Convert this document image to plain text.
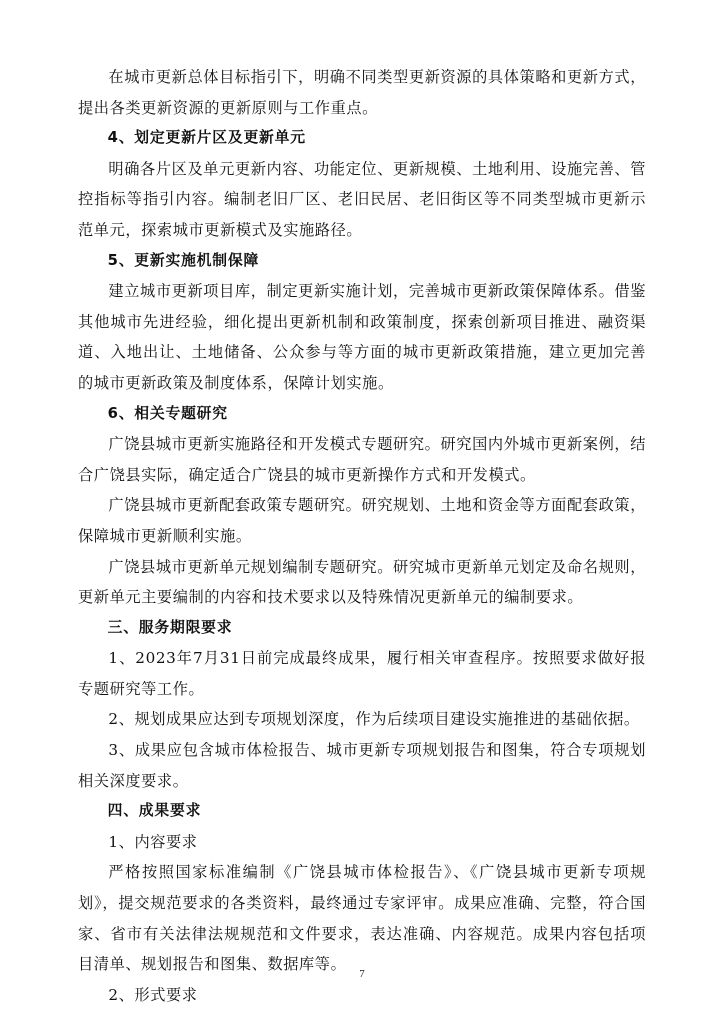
在城市更新总体目标指引下，明确不同类型更新资源的具体策略和更新方式，提出各类更新资源的更新原则与工作重点。

4、划定更新片区及更新单元

明确各片区及单元更新内容、功能定位、更新规模、土地利用、设施完善、管控指标等指引内容。编制老旧厂区、老旧民居、老旧街区等不同类型城市更新示范单元，探索城市更新模式及实施路径。

5、更新实施机制保障

建立城市更新项目库，制定更新实施计划，完善城市更新政策保障体系。借鉴其他城市先进经验，细化提出更新机制和政策制度，探索创新项目推进、融资渠道、入地出让、土地储备、公众参与等方面的城市更新政策措施，建立更加完善的城市更新政策及制度体系，保障计划实施。

6、相关专题研究

广饶县城市更新实施路径和开发模式专题研究。研究国内外城市更新案例，结合广饶县实际，确定适合广饶县的城市更新操作方式和开发模式。

广饶县城市更新配套政策专题研究。研究规划、土地和资金等方面配套政策，保障城市更新顺利实施。

广饶县城市更新单元规划编制专题研究。研究城市更新单元划定及命名规则，更新单元主要编制的内容和技术要求以及特殊情况更新单元的编制要求。

三、服务期限要求

1、2023年7月31日前完成最终成果，履行相关审查程序。按照要求做好报专题研究等工作。

2、规划成果应达到专项规划深度，作为后续项目建设实施推进的基础依据。

3、成果应包含城市体检报告、城市更新专项规划报告和图集，符合专项规划相关深度要求。

四、成果要求

1、内容要求

严格按照国家标准编制《广饶县城市体检报告》、《广饶县城市更新专项规划》，提交规范要求的各类资料，最终通过专家评审。成果应准确、完整，符合国家、省市有关法律法规规范和文件要求，表达准确、内容规范。成果内容包括项目清单、规划报告和图集、数据库等。

2、形式要求

7
